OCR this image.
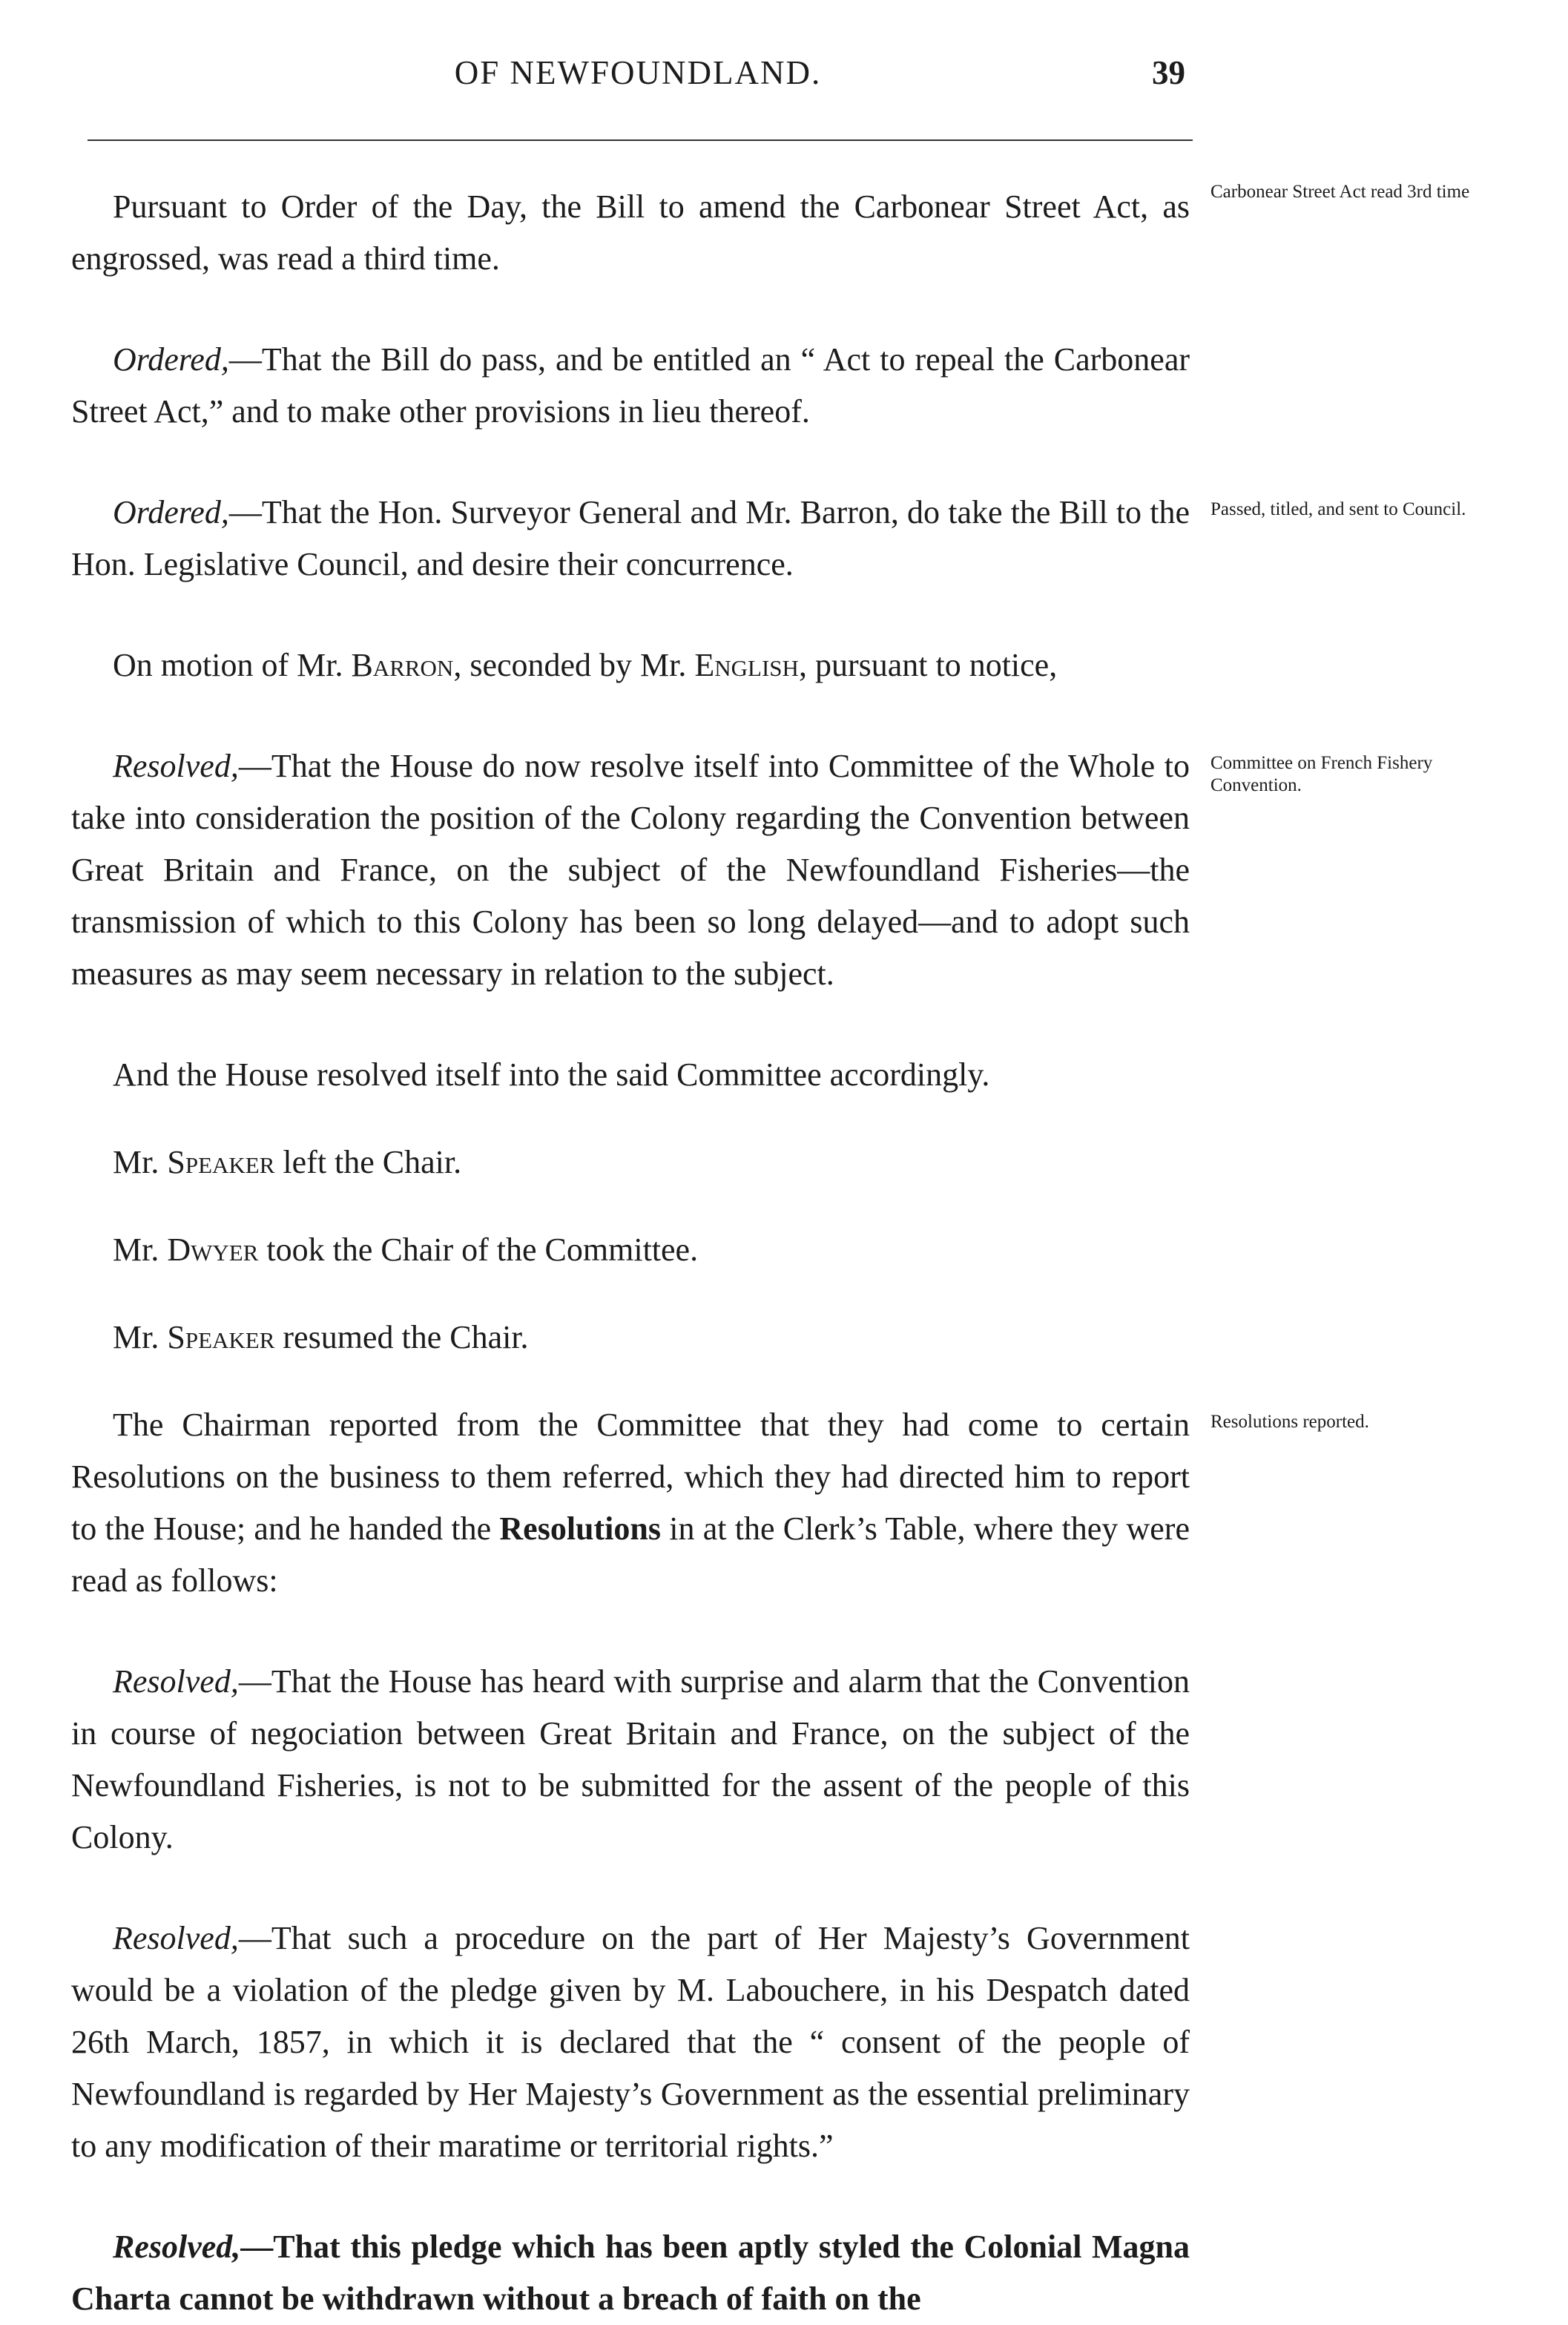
OF NEWFOUNDLAND.	39

Pursuant to Order of the Day, the Bill to amend the Carbonear Street Act, as engrossed, was read a third time.
Carbonear Street Act read 3rd time

Ordered,—That the Bill do pass, and be entitled an “ Act to repeal the Carbonear Street Act,” and to make other provisions in lieu thereof.

Ordered,—That the Hon. Surveyor General and Mr. Barron, do take the Bill to the Hon. Legislative Council, and desire their concurrence.
Passed, titled, and sent to Council.

On motion of Mr. Barron, seconded by Mr. English, pursuant to notice,

Resolved,—That the House do now resolve itself into Committee of the Whole to take into consideration the position of the Colony regarding the Convention between Great Britain and France, on the subject of the Newfoundland Fisheries—the transmission of which to this Colony has been so long delayed—and to adopt such measures as may seem necessary in relation to the subject.
Committee on French Fishery Convention.

And the House resolved itself into the said Committee accordingly.

Mr. Speaker left the Chair.

Mr. Dwyer took the Chair of the Committee.

Mr. Speaker resumed the Chair.

The Chairman reported from the Committee that they had come to certain Resolutions on the business to them referred, which they had directed him to report to the House; and he handed the Resolutions in at the Clerk’s Table, where they were read as follows:
Resolutions reported.

Resolved,—That the House has heard with surprise and alarm that the Convention in course of negociation between Great Britain and France, on the subject of the Newfoundland Fisheries, is not to be submitted for the assent of the people of this Colony.

Resolved,—That such a procedure on the part of Her Majesty’s Government would be a violation of the pledge given by M. Labouchere, in his Despatch dated 26th March, 1857, in which it is declared that the “ consent of the people of Newfoundland is regarded by Her Majesty’s Government as the essential preliminary to any modification of their maratime or territorial rights.”

Resolved,—That this pledge which has been aptly styled the Colonial Magna Charta cannot be withdrawn without a breach of faith on the
